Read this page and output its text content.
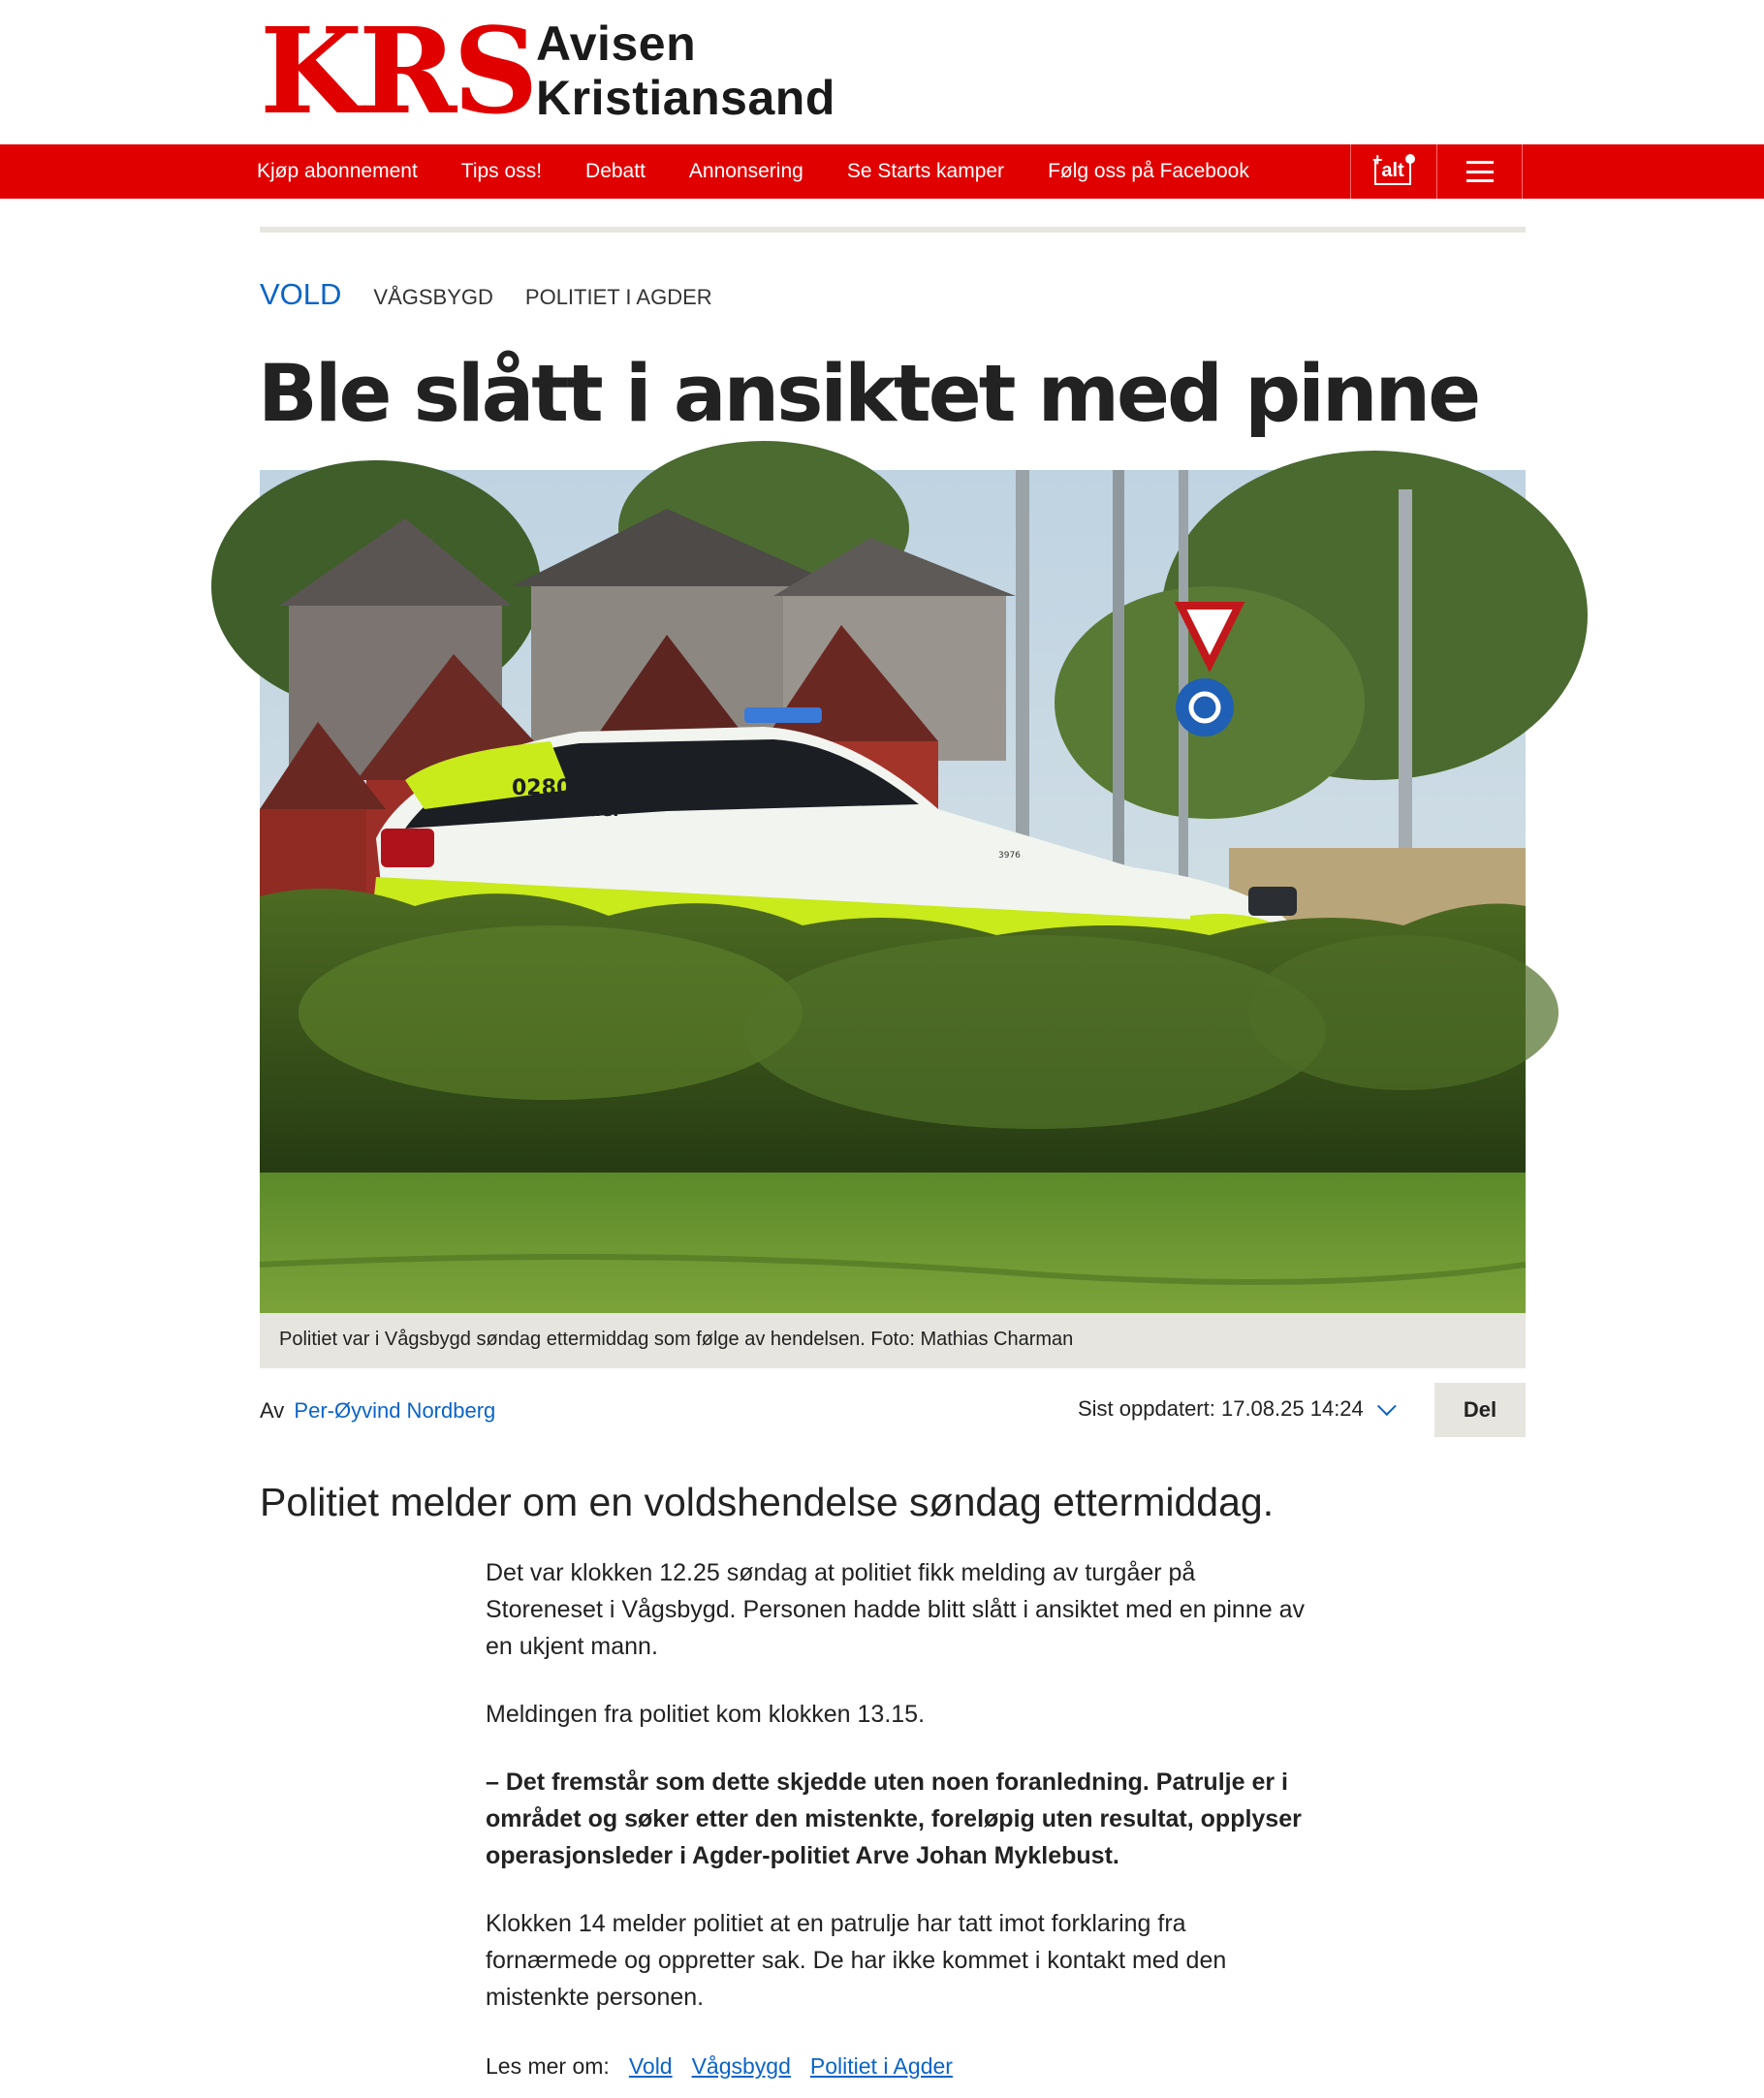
KRS Avisen
Kristiansand
Kjøp abonnement Tips oss! Debatt Annonsering Se Starts kamper Følg oss på Facebook	+
alt
VOLD VÅGSBYGD POLITIET I AGDER
Ble slått i ansiktet med pinne
02800
Innsats leder
3976
Politiet var i Vågsbygd søndag ettermiddag som følge av hendelsen. Foto: Mathias Charman
Av Per-Øyvind Nordberg	Sist oppdatert: 17.08.25 14:24	Del

Politiet melder om en voldshendelse søndag ettermiddag.

Det var klokken 12.25 søndag at politiet fikk melding av turgåer på Storeneset i Vågsbygd. Personen hadde blitt slått i ansiktet med en pinne av en ukjent mann.

Meldingen fra politiet kom klokken 13.15.

– Det fremstår som dette skjedde uten noen foranledning. Patrulje er i området og søker etter den mistenkte, foreløpig uten resultat, opplyser operasjonsleder i Agder-politiet Arve Johan Myklebust.

Klokken 14 melder politiet at en patrulje har tatt imot forklaring fra fornærmede og oppretter sak. De har ikke kommet i kontakt med den mistenkte personen.

Les mer om: Vold Vågsbygd Politiet i Agder
